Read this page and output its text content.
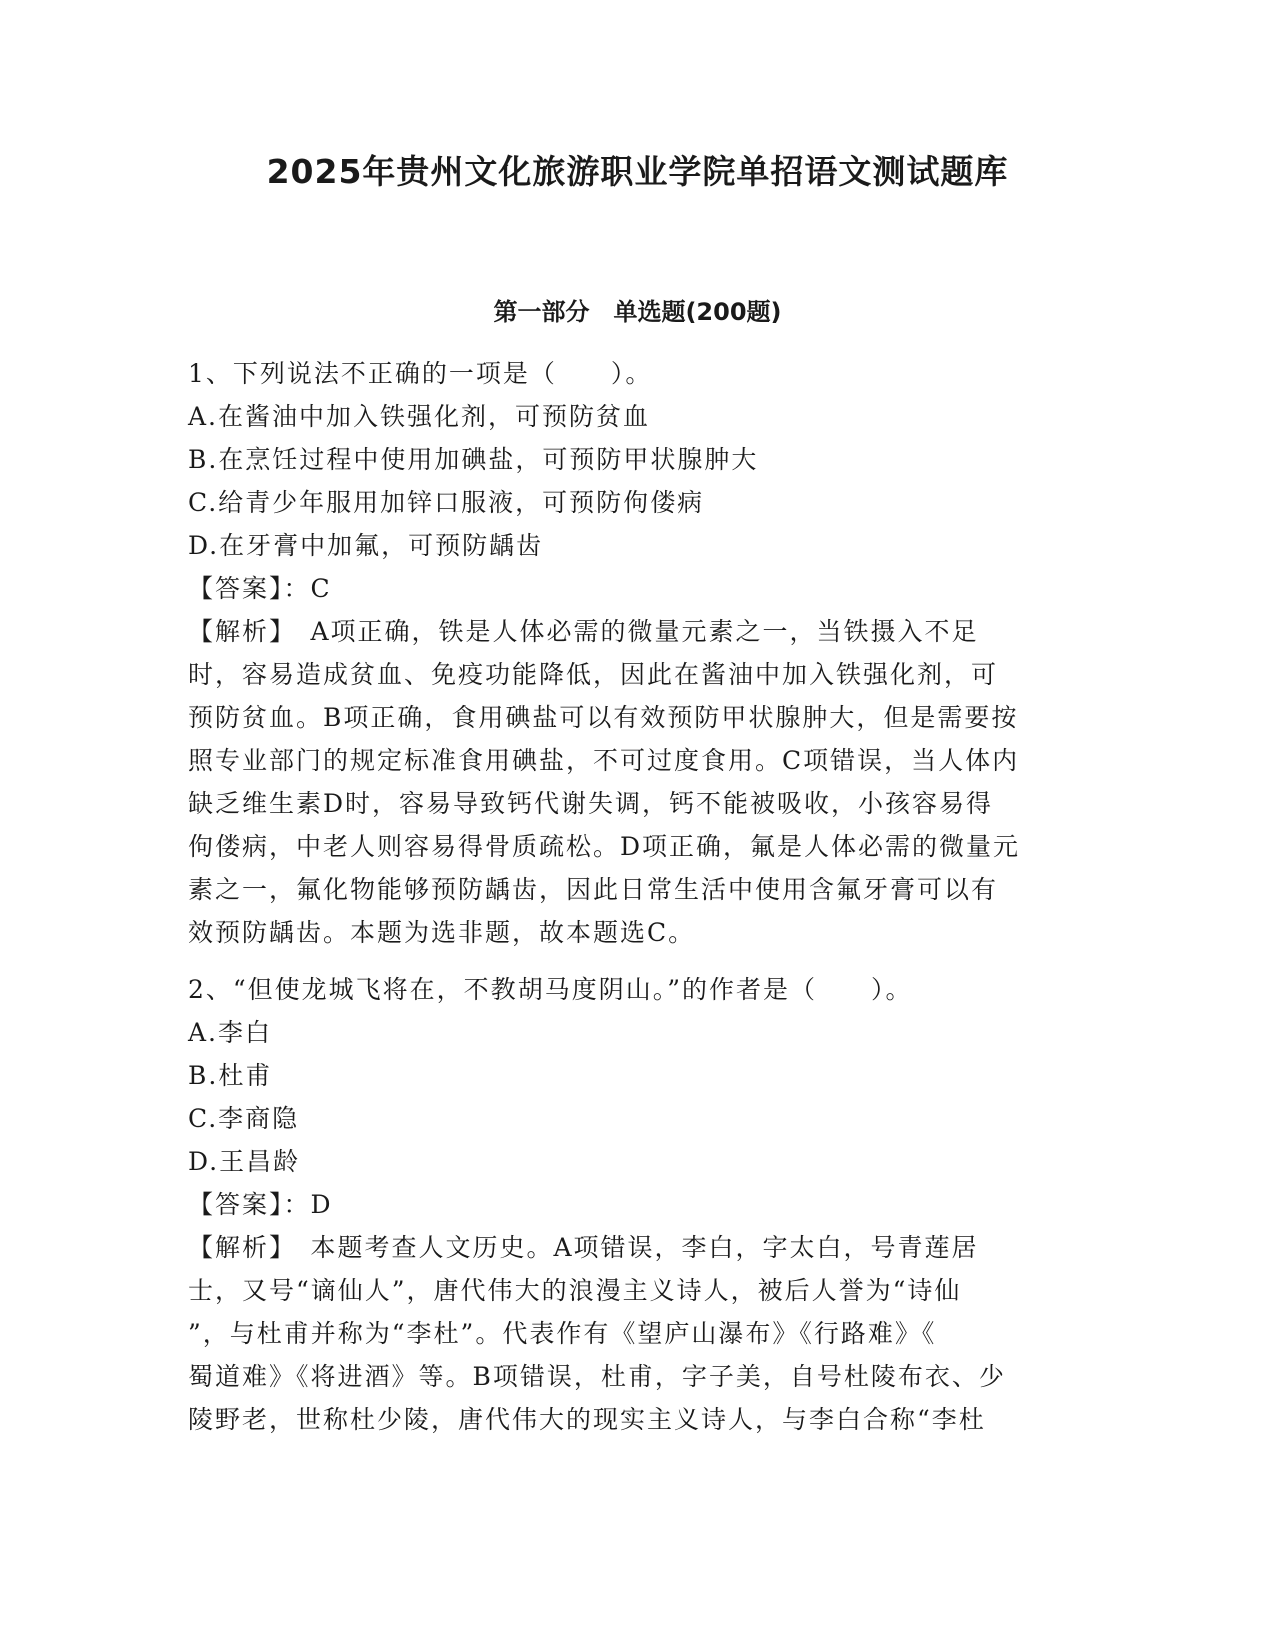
2025年贵州文化旅游职业学院单招语文测试题库
第一部分　单选题(200题)
1、下列说法不正确的一项是（　　）。
A.在酱油中加入铁强化剂，可预防贫血
B.在烹饪过程中使用加碘盐，可预防甲状腺肿大
C.给青少年服用加锌口服液，可预防佝偻病
D.在牙膏中加氟，可预防龋齿
【答案】：C
【解析】　A项正确，铁是人体必需的微量元素之一，当铁摄入不足
时，容易造成贫血、免疫功能降低，因此在酱油中加入铁强化剂，可
预防贫血。B项正确，食用碘盐可以有效预防甲状腺肿大，但是需要按
照专业部门的规定标准食用碘盐，不可过度食用。C项错误，当人体内
缺乏维生素D时，容易导致钙代谢失调，钙不能被吸收，小孩容易得
佝偻病，中老人则容易得骨质疏松。D项正确，氟是人体必需的微量元
素之一，氟化物能够预防龋齿，因此日常生活中使用含氟牙膏可以有
效预防龋齿。本题为选非题，故本题选C。
2、“但使龙城飞将在，不教胡马度阴山。”的作者是（　　）。
A.李白
B.杜甫
C.李商隐
D.王昌龄
【答案】：D
【解析】　本题考查人文历史。A项错误，李白，字太白，号青莲居
士，又号“谪仙人”，唐代伟大的浪漫主义诗人，被后人誉为“诗仙
”，与杜甫并称为“李杜”。代表作有《望庐山瀑布》《行路难》《
蜀道难》《将进酒》等。B项错误，杜甫，字子美，自号杜陵布衣、少
陵野老，世称杜少陵，唐代伟大的现实主义诗人，与李白合称“李杜
